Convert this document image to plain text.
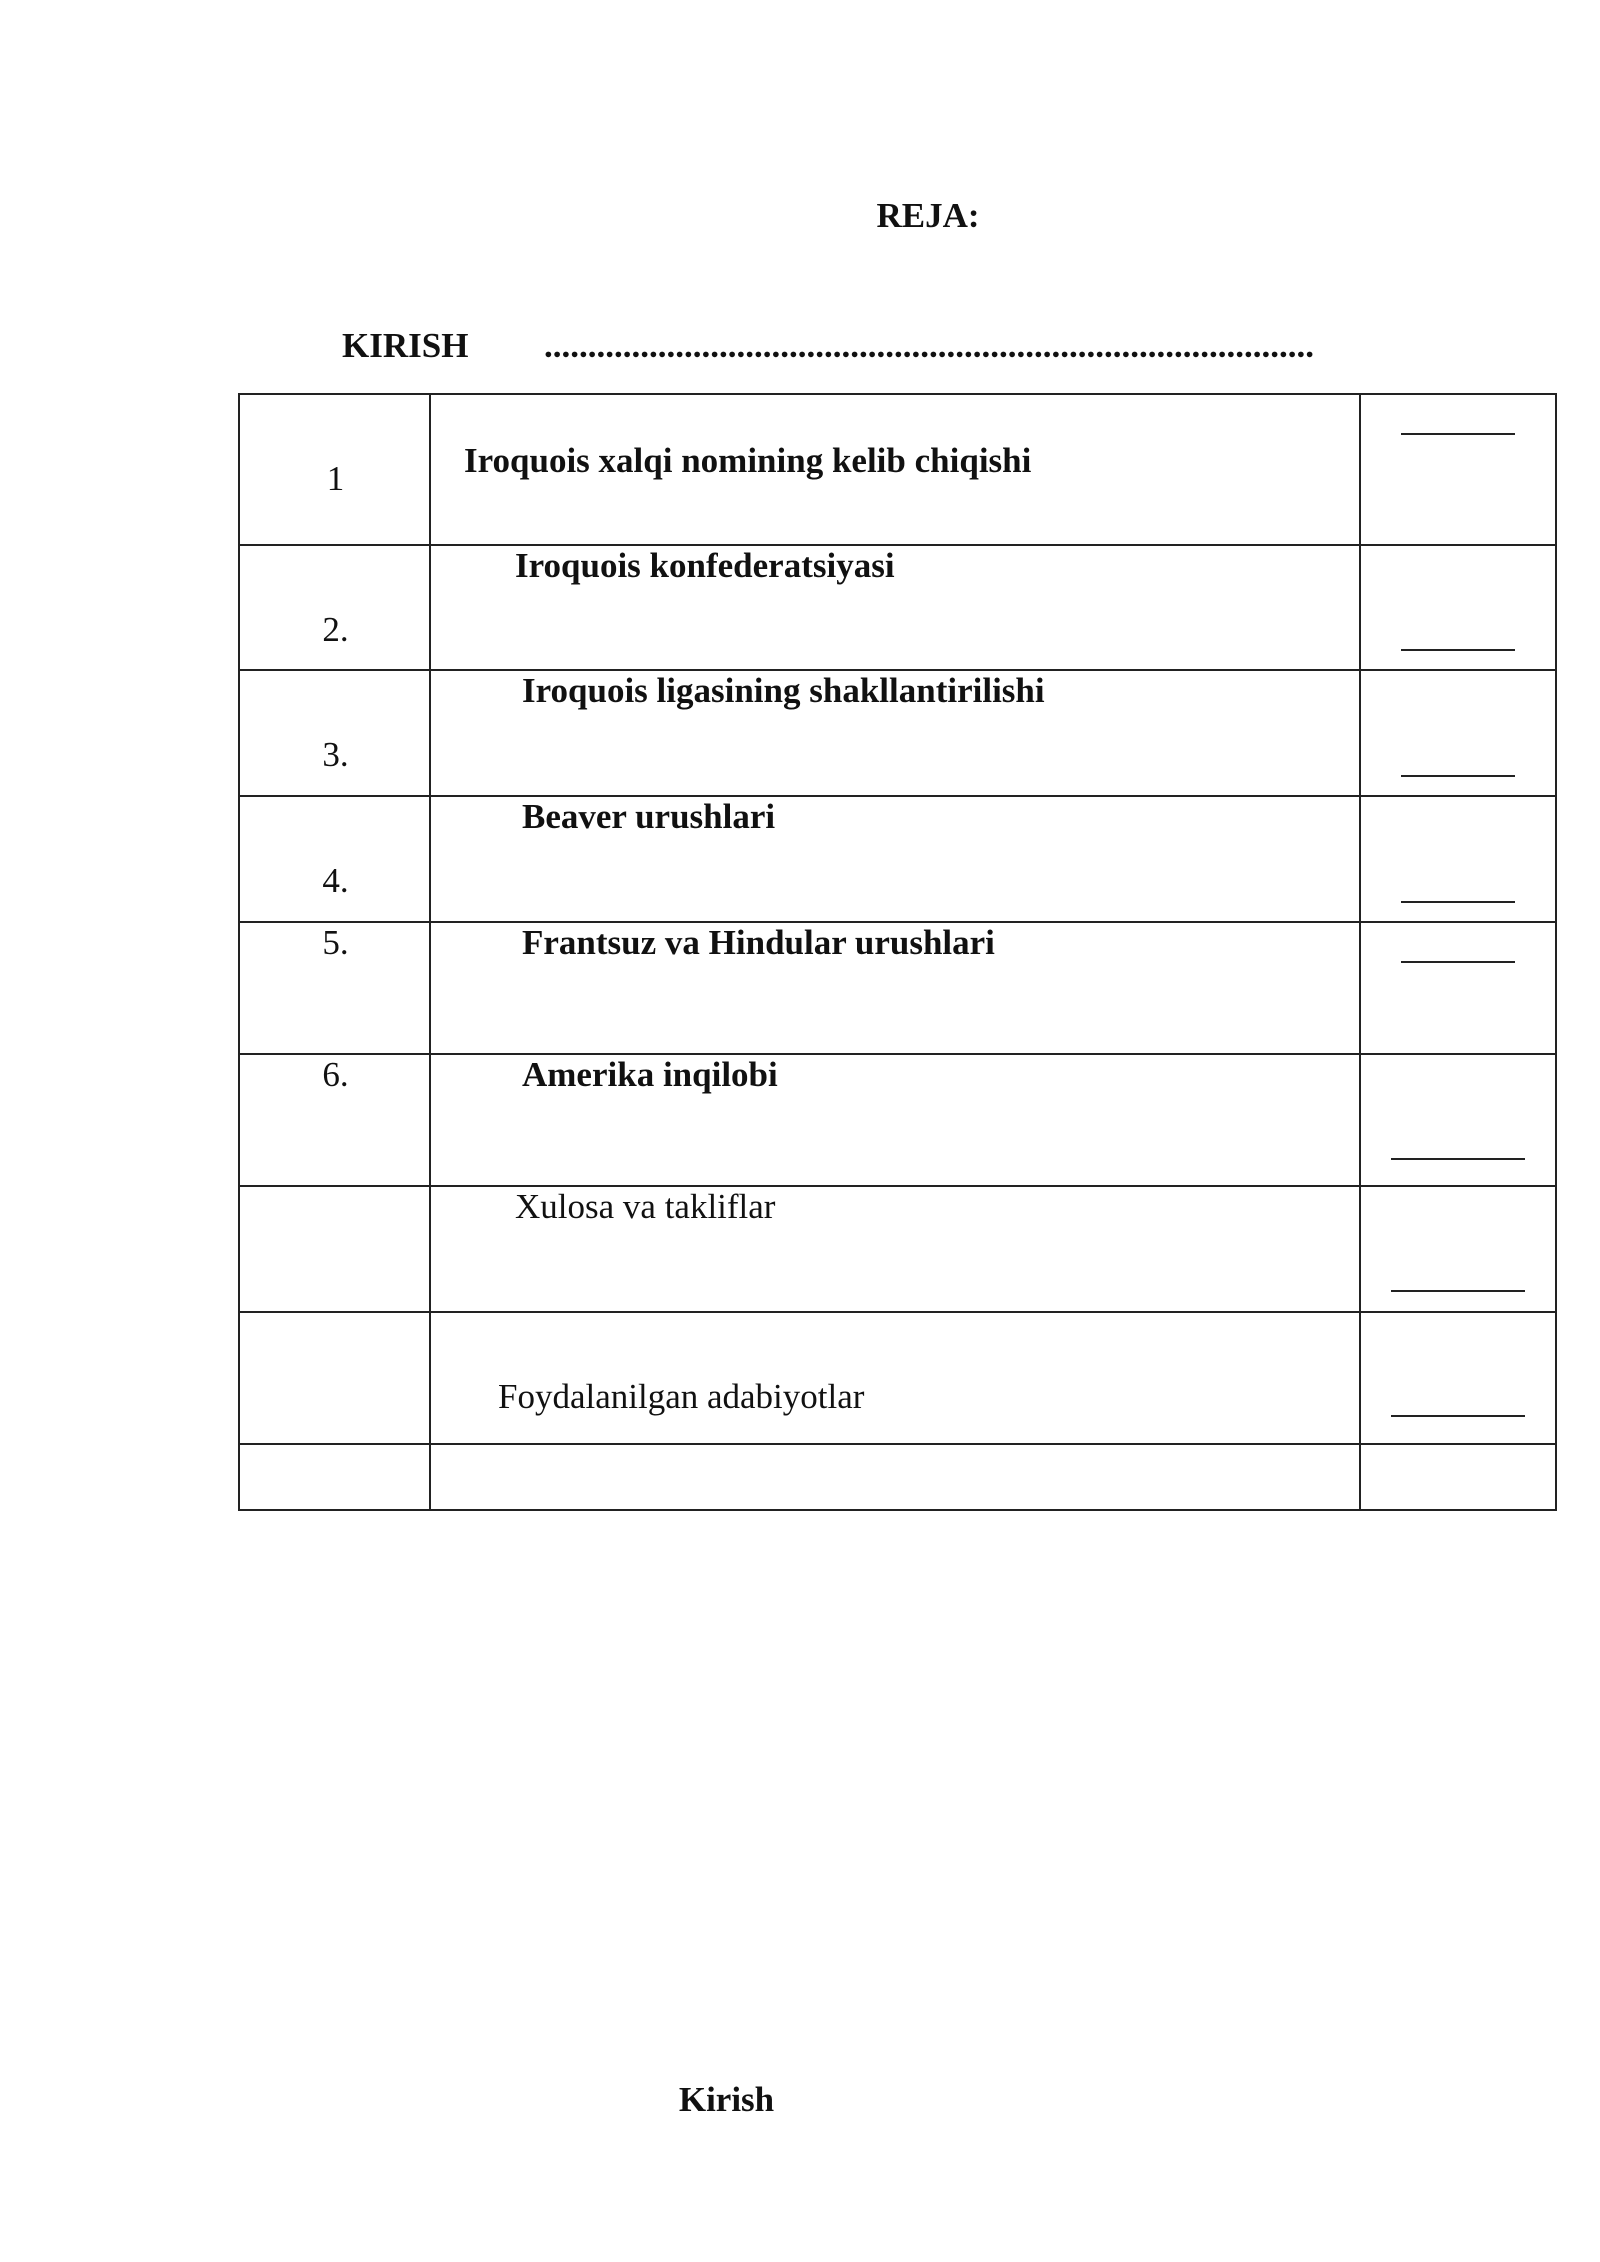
REJA:
KIRISH	........................................................................................
1	Iroquois xalqi nomining kelib chiqishi	

2.	Iroquois konfederatsiyasi	

3.	Iroquois ligasining shakllantirilishi	

4.	Beaver urushlari	

5.	Frantsuz va Hindular urushlari	

6.	Amerika inqilobi	

	Xulosa va takliflar	

	Foydalanilgan adabiyotlar	

Kirish
